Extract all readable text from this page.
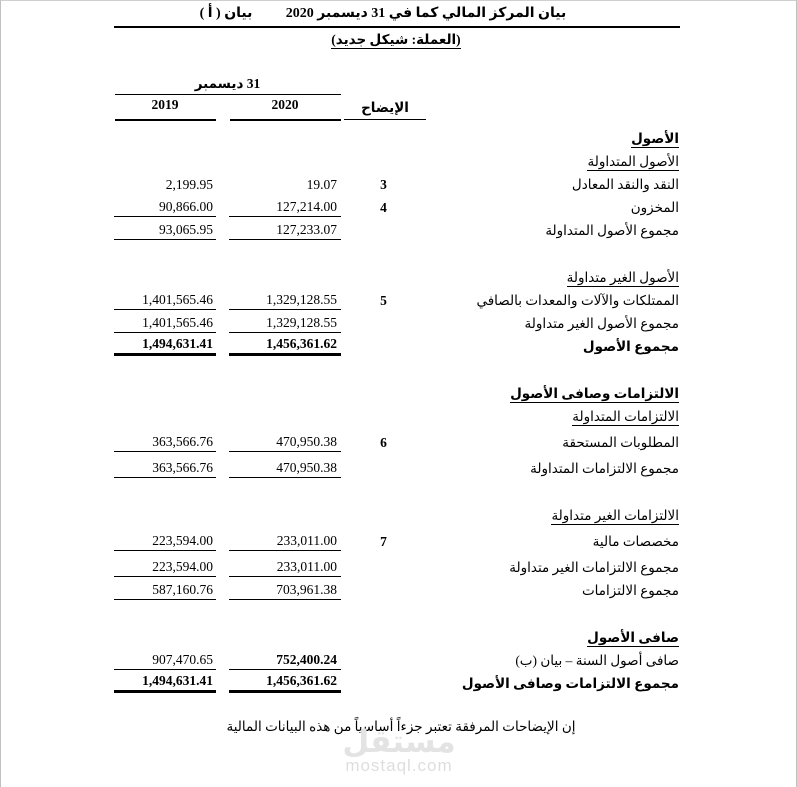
بيان ( أ )	بيان المركز المالي كما في 31 ديسمبر 2020
(العملة: شيكل جديد)
31 ديسمبر
2019	2020	الإيضاح
الأصول
الأصول المتداولة
2,199.95	19.07	3	النقد والنقد المعادل
90,866.00	127,214.00	4	المخزون
93,065.95	127,233.07	مجموع الأصول المتداولة
الأصول الغير متداولة
1,401,565.46	1,329,128.55	5	الممتلكات والآلات والمعدات بالصافي
1,401,565.46	1,329,128.55	مجموع الأصول الغير متداولة
1,494,631.41	1,456,361.62	مجموع الأصول
الالتزامات وصافى الأصول
الالتزامات المتداولة
363,566.76	470,950.38	6	المطلوبات المستحقة
363,566.76	470,950.38	مجموع الالتزامات المتداولة
الالتزامات الغير متداولة
223,594.00	233,011.00	7	مخصصات مالية
223,594.00	233,011.00	مجموع الالتزامات الغير متداولة
587,160.76	703,961.38	مجموع الالتزامات
صافى الأصول
907,470.65	752,400.24	صافى أصول السنة – بيان (ب)
1,494,631.41	1,456,361.62	مجموع الالتزامات وصافى الأصول
إن الإيضاحات المرفقة تعتبر جزءاً أساسياً من هذه البيانات المالية
مستقل
mostaql.com
